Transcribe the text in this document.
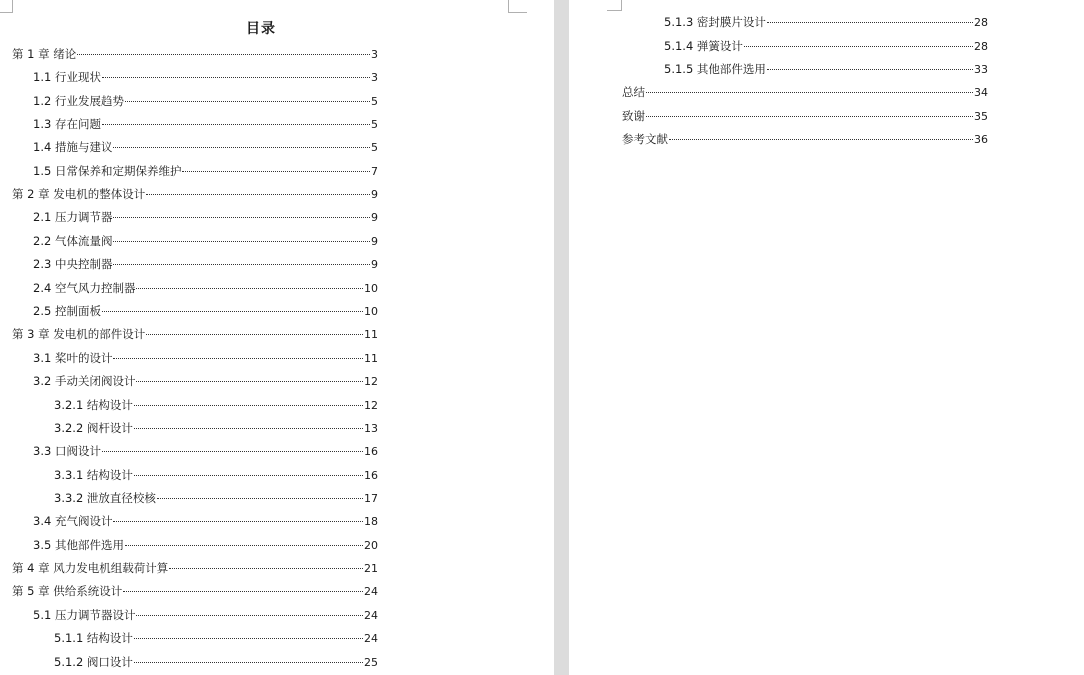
目录
第 1 章 绪论	3
1.1 行业现状	3
1.2 行业发展趋势	5
1.3 存在问题	5
1.4 措施与建议	5
1.5 日常保养和定期保养维护	7
第 2 章 发电机的整体设计	9
2.1 压力调节器	9
2.2 气体流量阀	9
2.3 中央控制器	9
2.4 空气风力控制器	10
2.5 控制面板	10
第 3 章 发电机的部件设计	11
3.1 桨叶的设计	11
3.2 手动关闭阀设计	12
3.2.1 结构设计	12
3.2.2 阀杆设计	13
3.3 口阀设计	16
3.3.1 结构设计	16
3.3.2 泄放直径校核	17
3.4 充气阀设计	18
3.5 其他部件选用	20
第 4 章 风力发电机组载荷计算	21
第 5 章 供给系统设计	24
5.1 压力调节器设计	24
5.1.1 结构设计	24
5.1.2 阀口设计	25
5.1.3 密封膜片设计	28
5.1.4 弹簧设计	28
5.1.5 其他部件选用	33
总结	34
致谢	35
参考文献	36
